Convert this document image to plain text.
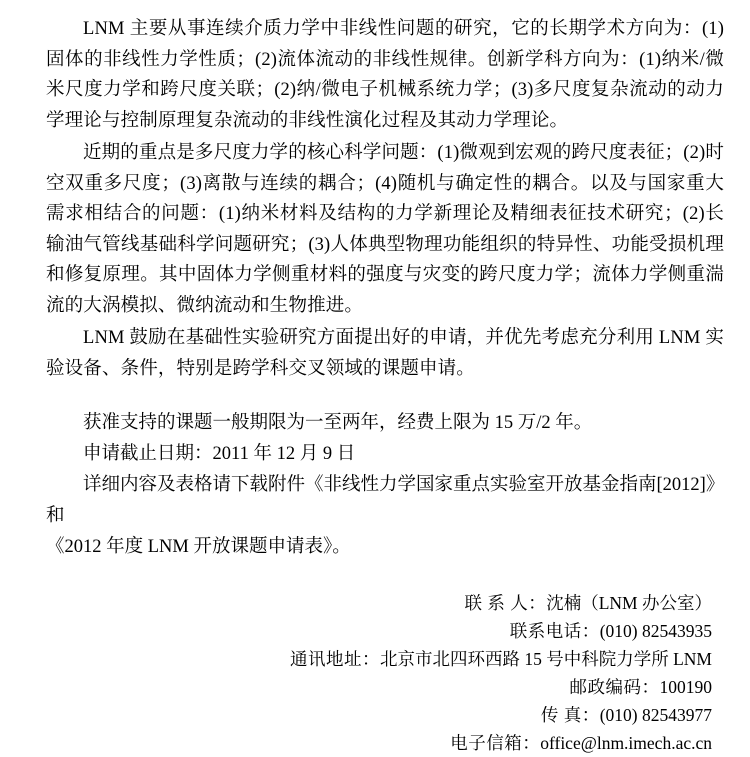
LNM 主要从事连续介质力学中非线性问题的研究，它的长期学术方向为：(1)固体的非线性力学性质；(2)流体流动的非线性规律。创新学科方向为：(1)纳米/微米尺度力学和跨尺度关联；(2)纳/微电子机械系统力学；(3)多尺度复杂流动的动力学理论与控制原理复杂流动的非线性演化过程及其动力学理论。

近期的重点是多尺度力学的核心科学问题：(1)微观到宏观的跨尺度表征；(2)时空双重多尺度；(3)离散与连续的耦合；(4)随机与确定性的耦合。以及与国家重大需求相结合的问题：(1)纳米材料及结构的力学新理论及精细表征技术研究；(2)长输油气管线基础科学问题研究；(3)人体典型物理功能组织的特异性、功能受损机理和修复原理。其中固体力学侧重材料的强度与灾变的跨尺度力学；流体力学侧重湍流的大涡模拟、微纳流动和生物推进。

LNM 鼓励在基础性实验研究方面提出好的申请，并优先考虑充分利用 LNM 实验设备、条件，特别是跨学科交叉领域的课题申请。

获准支持的课题一般期限为一至两年，经费上限为 15 万/2 年。
申请截止日期：2011 年 12 月 9 日
详细内容及表格请下载附件《非线性力学国家重点实验室开放基金指南[2012]》和
《2012 年度 LNM 开放课题申请表》。
联 系 人：沈楠（LNM 办公室）
联系电话：(010) 82543935
通讯地址：北京市北四环西路 15 号中科院力学所 LNM
邮政编码：100190
传 真：(010) 82543977
电子信箱：office@lnm.imech.ac.cn
